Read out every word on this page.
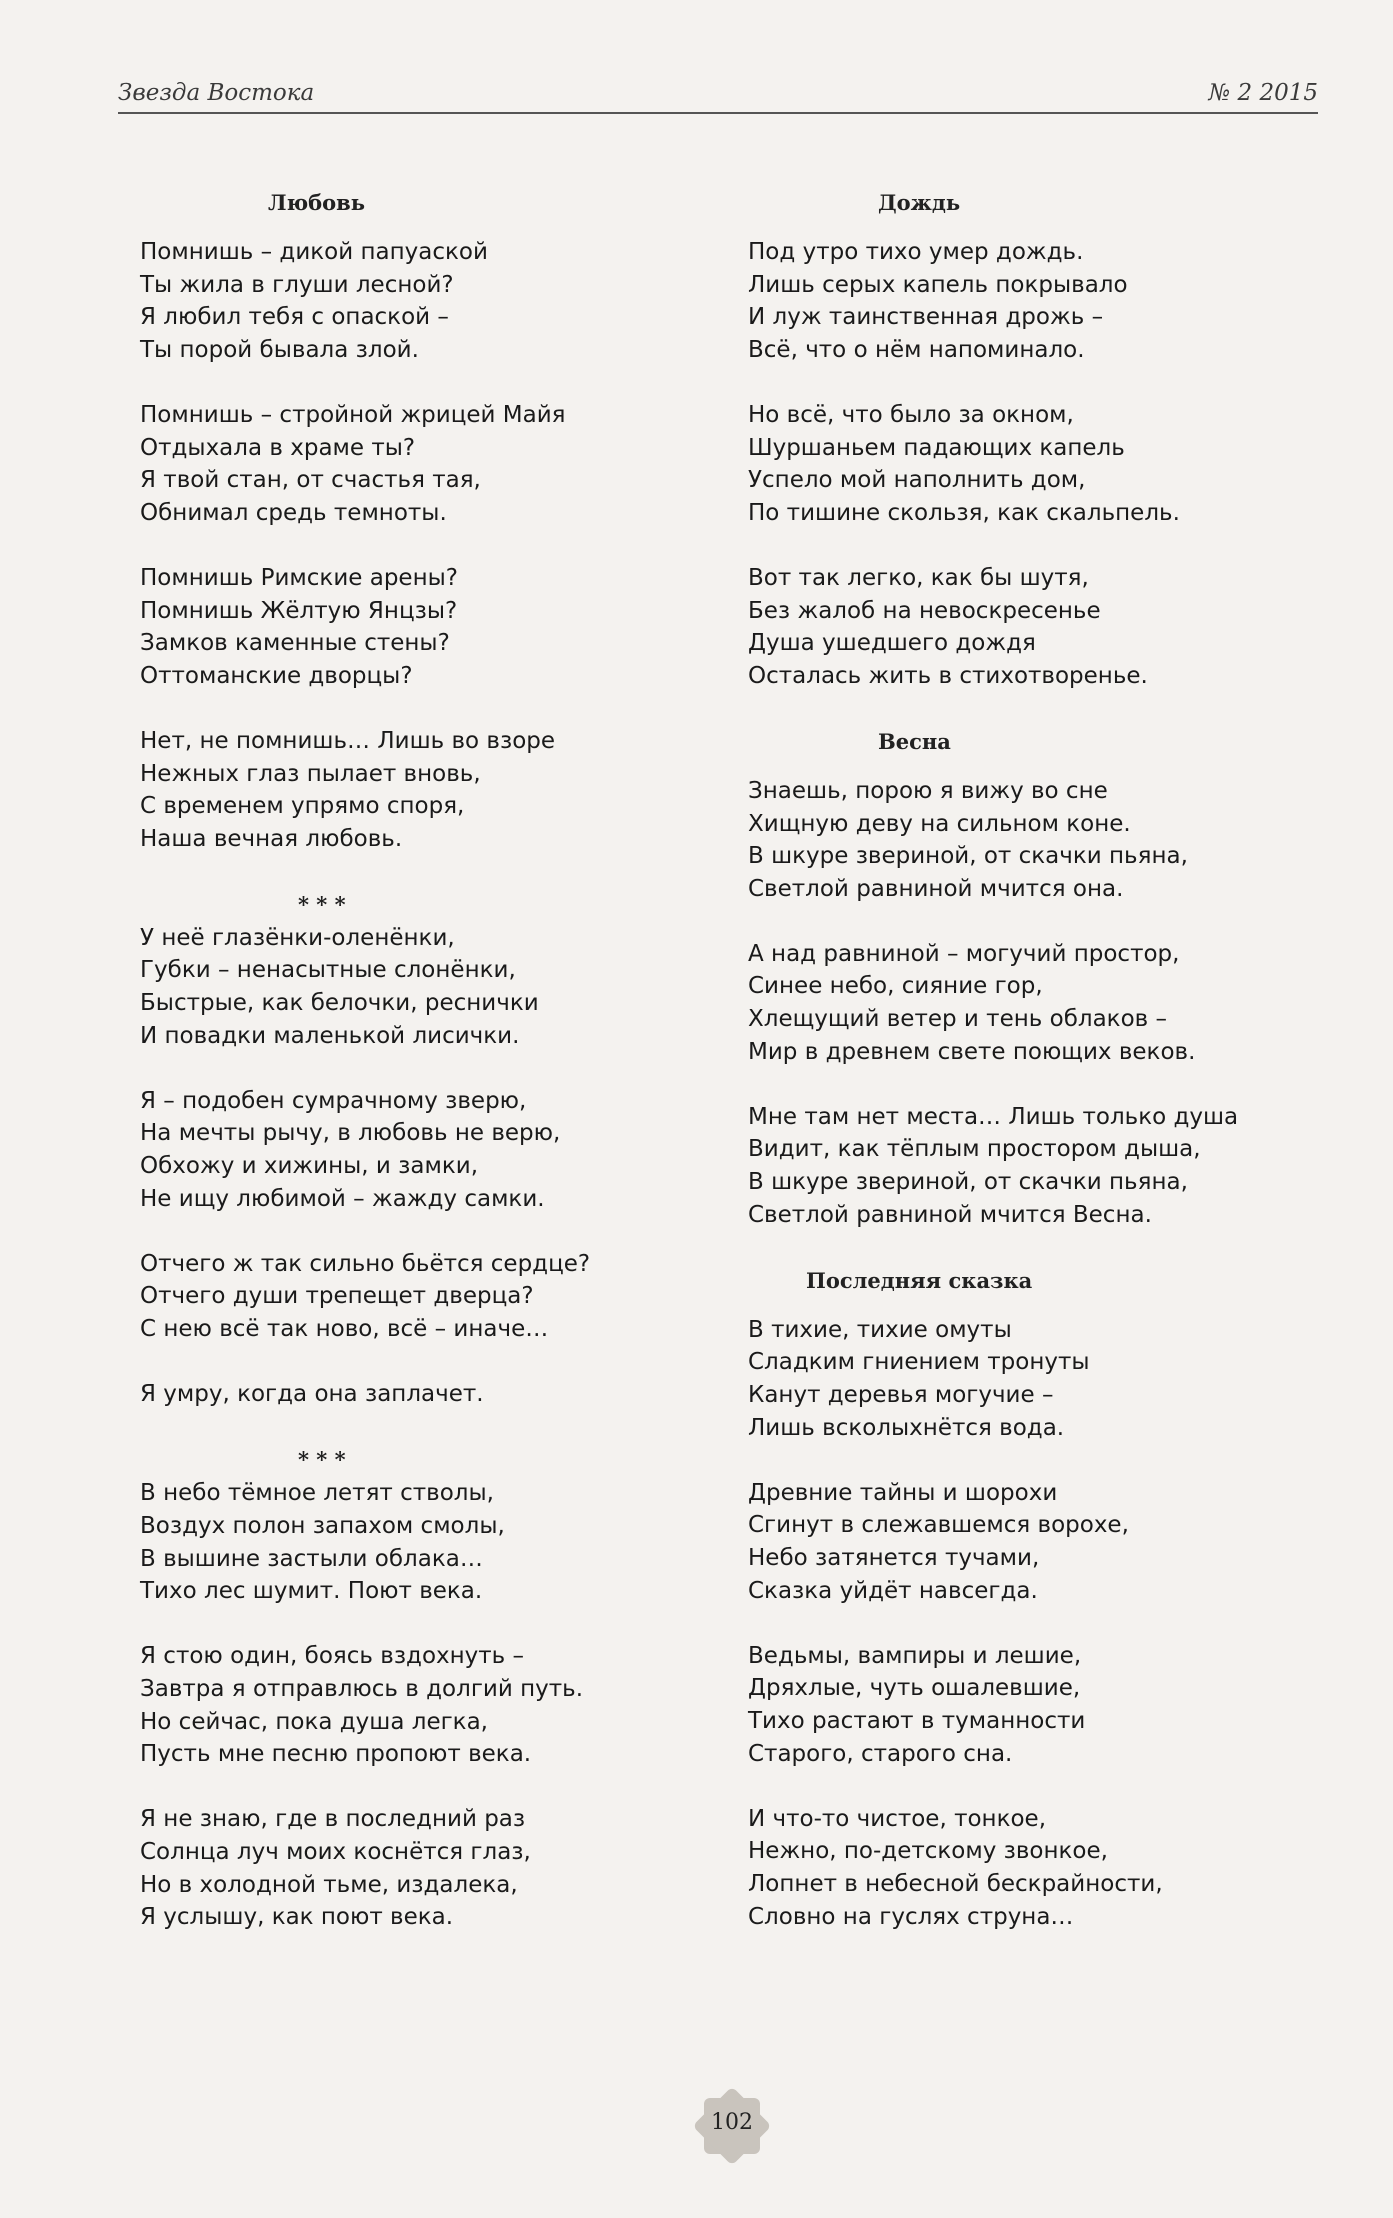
Звезда Востока	№ 2 2015
Любовь
Помнишь – дикой папуаской
Ты жила в глуши лесной?
Я любил тебя с опаской –
Ты порой бывала злой.
Помнишь – стройной жрицей Майя
Отдыхала в храме ты?
Я твой стан, от счастья тая,
Обнимал средь темноты.
Помнишь Римские арены?
Помнишь Жёлтую Янцзы?
Замков каменные стены?
Оттоманские дворцы?
Нет, не помнишь… Лишь во взоре
Нежных глаз пылает вновь,
С временем упрямо споря,
Наша вечная любовь.
* * *
У неё глазёнки-оленёнки,
Губки – ненасытные слонёнки,
Быстрые, как белочки, реснички
И повадки маленькой лисички.
Я – подобен сумрачному зверю,
На мечты рычу, в любовь не верю,
Обхожу и хижины, и замки,
Не ищу любимой – жажду самки.
Отчего ж так сильно бьётся сердце?
Отчего души трепещет дверца?
С нею всё так ново, всё – иначе…
Я умру, когда она заплачет.
* * *
В небо тёмное летят стволы,
Воздух полон запахом смолы,
В вышине застыли облака…
Тихо лес шумит. Поют века.
Я стою один, боясь вздохнуть –
Завтра я отправлюсь в долгий путь.
Но сейчас, пока душа легка,
Пусть мне песню пропоют века.
Я не знаю, где в последний раз
Солнца луч моих коснётся глаз,
Но в холодной тьме, издалека,
Я услышу, как поют века.
Дождь
Под утро тихо умер дождь.
Лишь серых капель покрывало
И луж таинственная дрожь –
Всё, что о нём напоминало.
Но всё, что было за окном,
Шуршаньем падающих капель
Успело мой наполнить дом,
По тишине скользя, как скальпель.
Вот так легко, как бы шутя,
Без жалоб на невоскресенье
Душа ушедшего дождя
Осталась жить в стихотворенье.
Весна
Знаешь, порою я вижу во сне
Хищную деву на сильном коне.
В шкуре звериной, от скачки пьяна,
Светлой равниной мчится она.
А над равниной – могучий простор,
Синее небо, сияние гор,
Хлещущий ветер и тень облаков –
Мир в древнем свете поющих веков.
Мне там нет места… Лишь только душа
Видит, как тёплым простором дыша,
В шкуре звериной, от скачки пьяна,
Светлой равниной мчится Весна.
Последняя сказка
В тихие, тихие омуты
Сладким гниением тронуты
Канут деревья могучие –
Лишь всколыхнётся вода.
Древние тайны и шорохи
Сгинут в слежавшемся ворохе,
Небо затянется тучами,
Сказка уйдёт навсегда.
Ведьмы, вампиры и лешие,
Дряхлые, чуть ошалевшие,
Тихо растают в туманности
Старого, старого сна.
И что-то чистое, тонкое,
Нежно, по-детскому звонкое,
Лопнет в небесной бескрайности,
Словно на гуслях струна…
102
